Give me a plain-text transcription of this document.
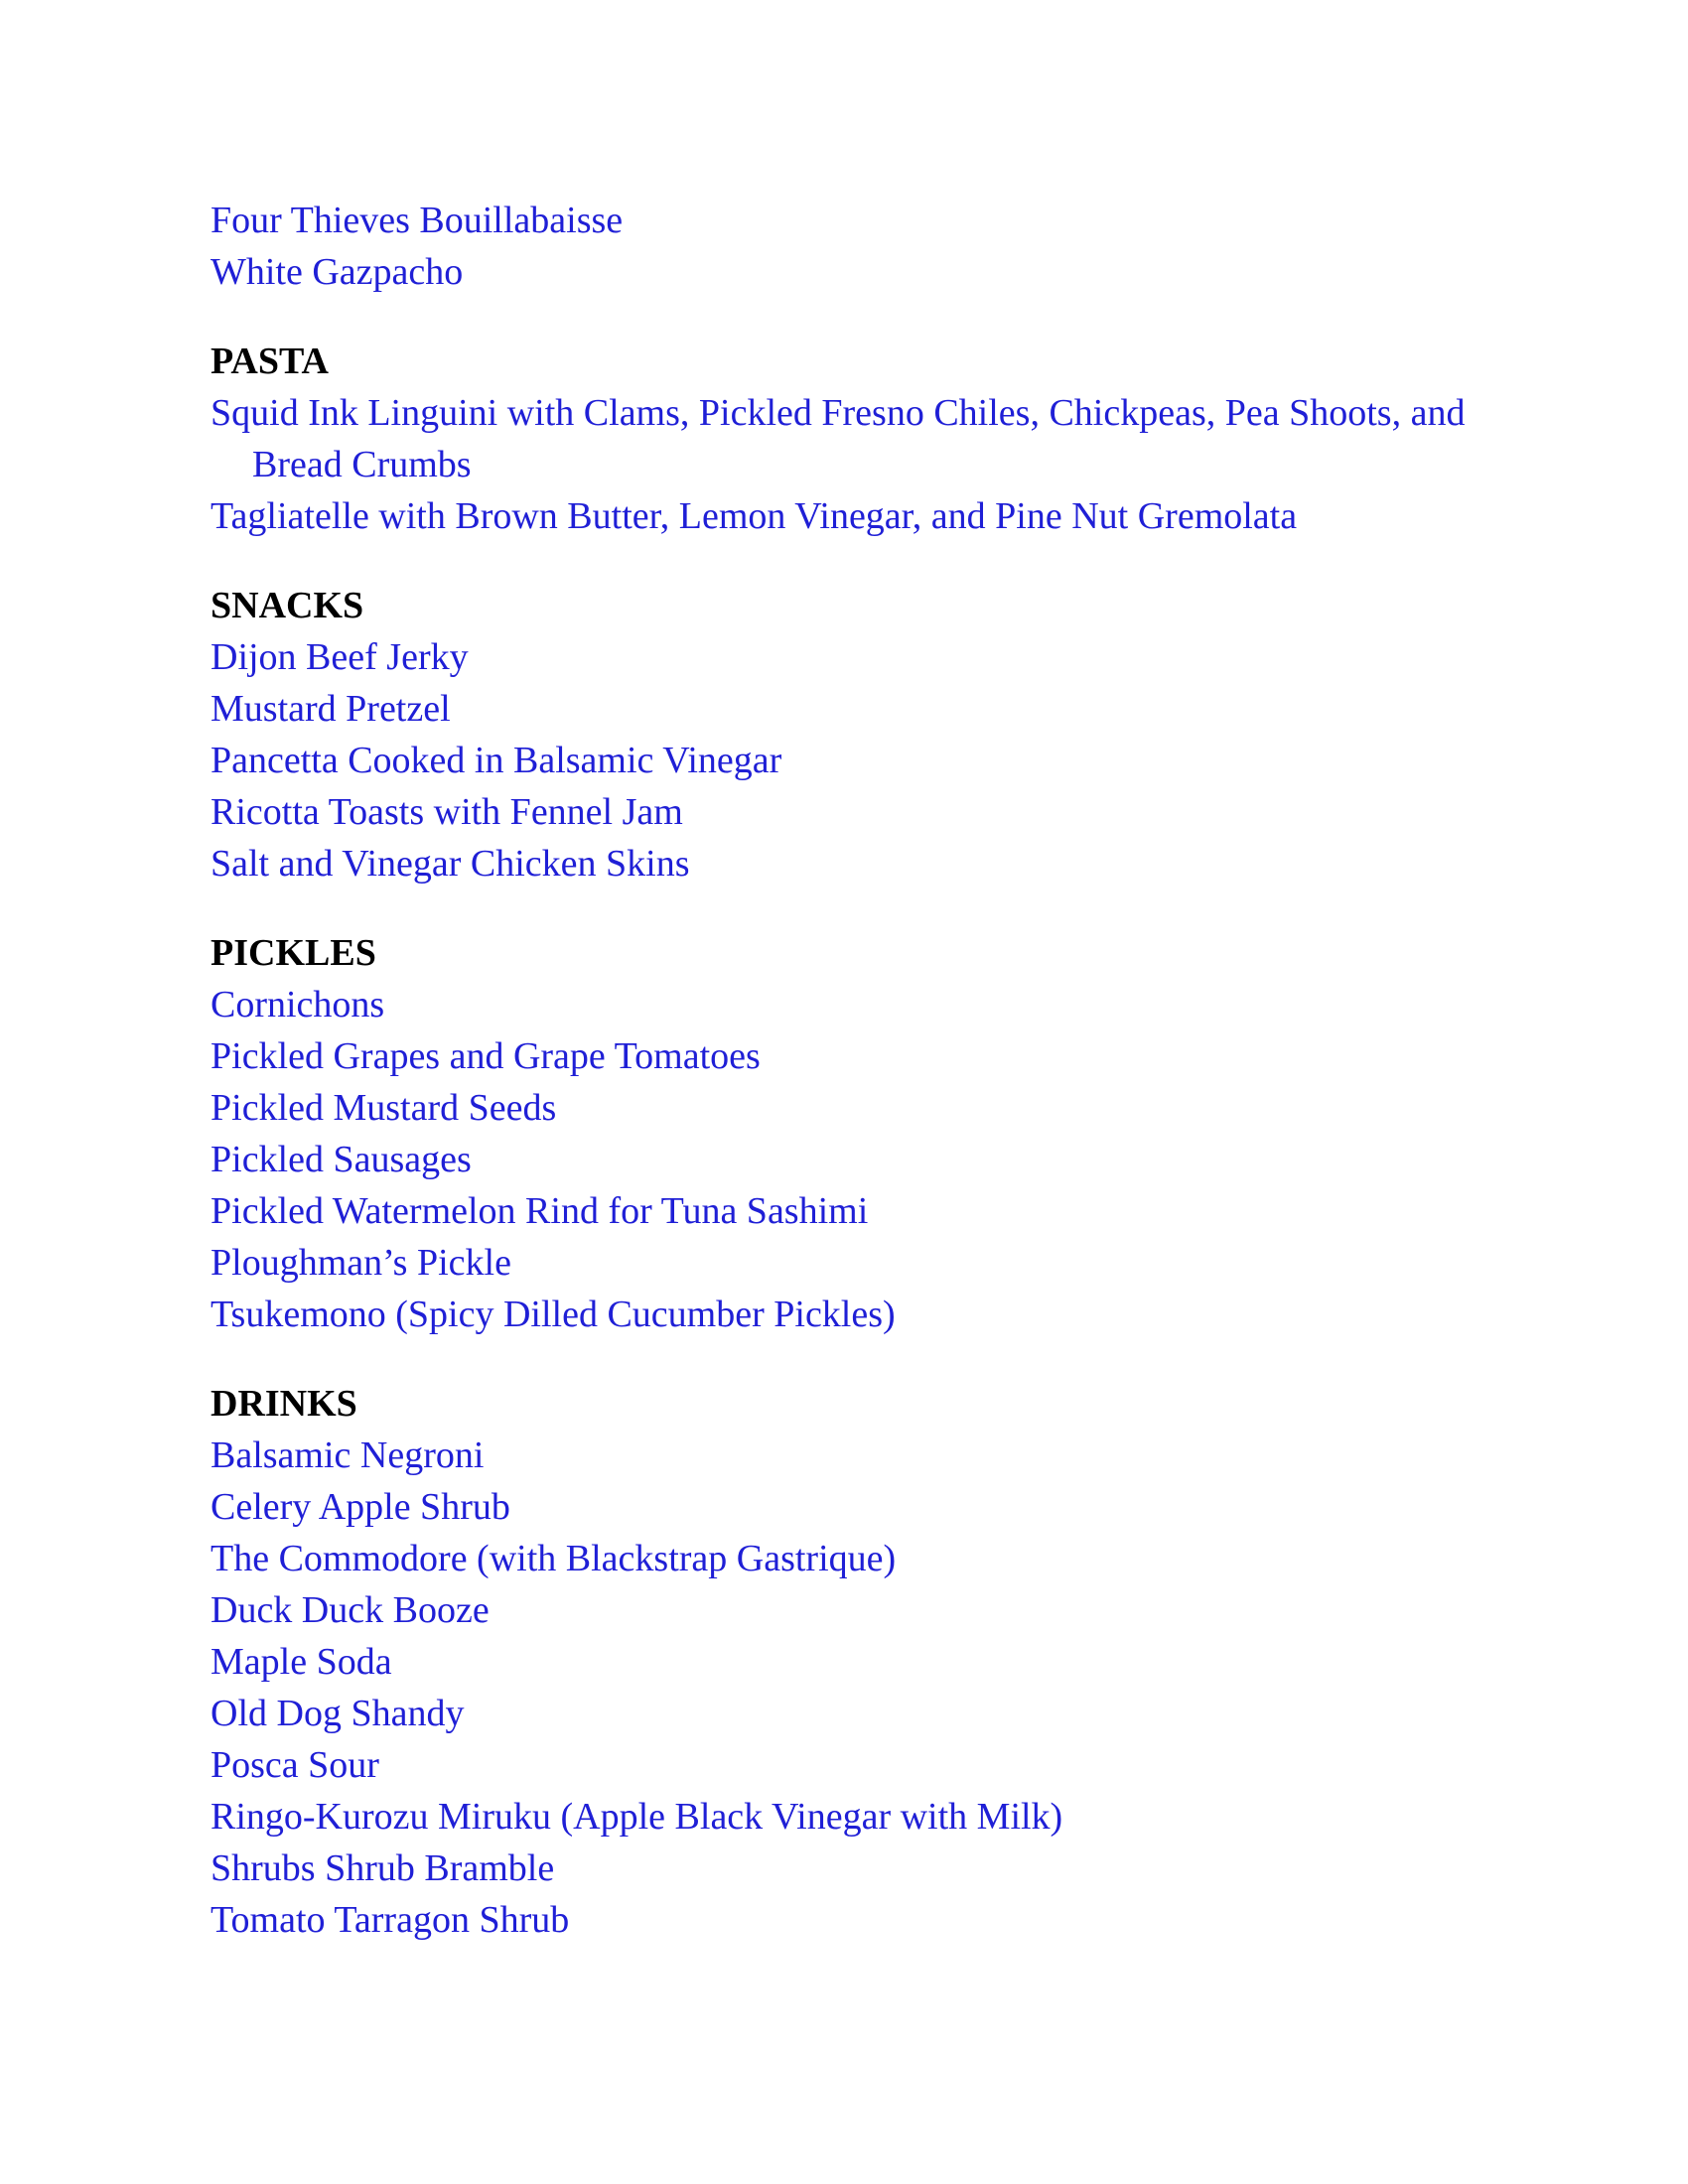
Four Thieves Bouillabaisse
White Gazpacho
PASTA
Squid Ink Linguini with Clams, Pickled Fresno Chiles, Chickpeas, Pea Shoots, and Bread Crumbs
Tagliatelle with Brown Butter, Lemon Vinegar, and Pine Nut Gremolata
SNACKS
Dijon Beef Jerky
Mustard Pretzel
Pancetta Cooked in Balsamic Vinegar
Ricotta Toasts with Fennel Jam
Salt and Vinegar Chicken Skins
PICKLES
Cornichons
Pickled Grapes and Grape Tomatoes
Pickled Mustard Seeds
Pickled Sausages
Pickled Watermelon Rind for Tuna Sashimi
Ploughman’s Pickle
Tsukemono (Spicy Dilled Cucumber Pickles)
DRINKS
Balsamic Negroni
Celery Apple Shrub
The Commodore (with Blackstrap Gastrique)
Duck Duck Booze
Maple Soda
Old Dog Shandy
Posca Sour
Ringo-Kurozu Miruku (Apple Black Vinegar with Milk)
Shrubs Shrub Bramble
Tomato Tarragon Shrub
